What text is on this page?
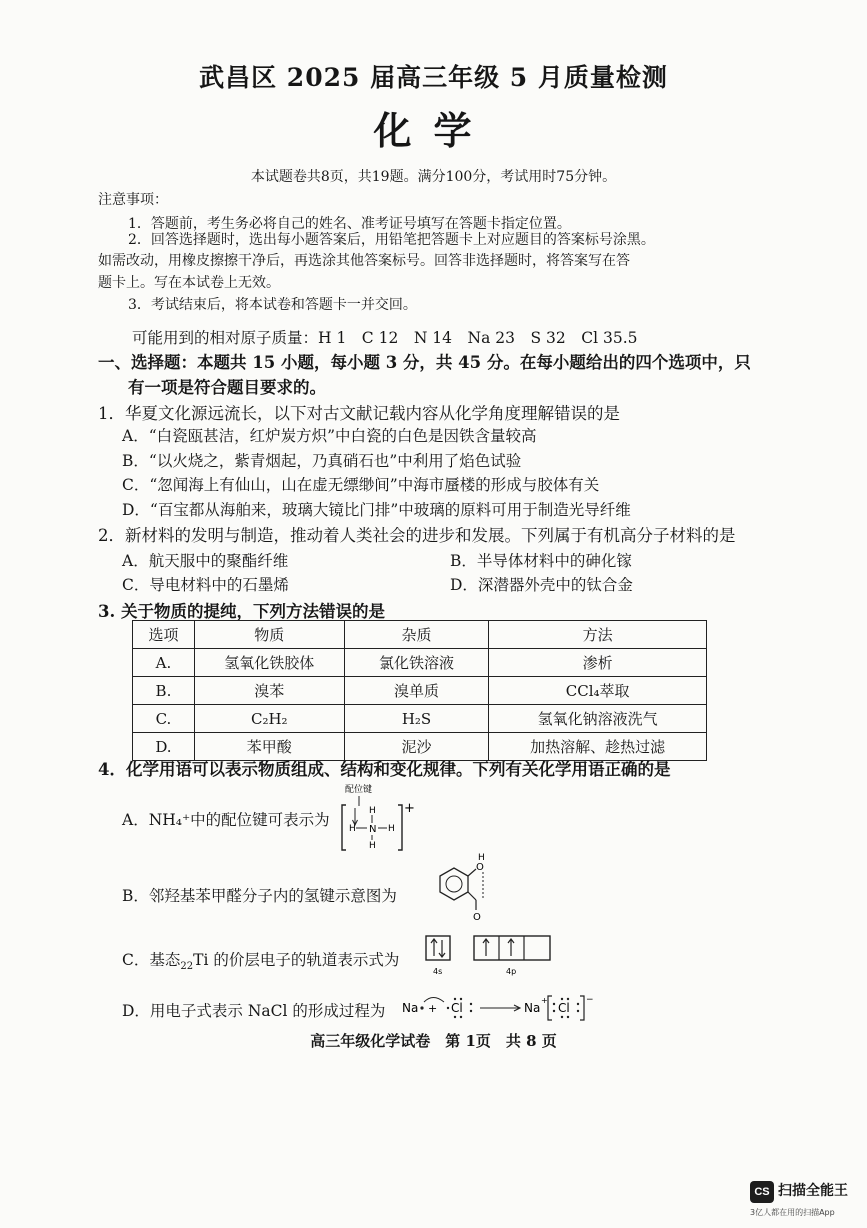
武昌区 2025 届高三年级 5 月质量检测
化学
本试题卷共8页，共19题。满分100分，考试用时75分钟。
注意事项：
1．答题前，考生务必将自己的姓名、准考证号填写在答题卡指定位置。
2．回答选择题时，选出每小题答案后，用铅笔把答题卡上对应题目的答案标号涂黑。
如需改动，用橡皮擦擦干净后，再选涂其他答案标号。回答非选择题时，将答案写在答
题卡上。写在本试卷上无效。
3．考试结束后，将本试卷和答题卡一并交回。
可能用到的相对原子质量：H 1　C 12　N 14　Na 23　S 32　Cl 35.5
一、选择题：本题共 15 小题，每小题 3 分，共 45 分。在每小题给出的四个选项中，只
有一项是符合题目要求的。
1．华夏文化源远流长，以下对古文献记载内容从化学角度理解错误的是
A．“白瓷瓯甚洁，红炉炭方炽”中白瓷的白色是因铁含量较高
B．“以火烧之，紫青烟起，乃真硝石也”中利用了焰色试验
C．“忽闻海上有仙山，山在虚无缥缈间”中海市蜃楼的形成与胶体有关
D．“百宝都从海舶来，玻璃大镜比门排”中玻璃的原料可用于制造光导纤维
2．新材料的发明与制造，推动着人类社会的进步和发展。下列属于有机高分子材料的是
A．航天服中的聚酯纤维	B．半导体材料中的砷化镓
C．导电材料中的石墨烯	D．深潜器外壳中的钛合金
3. 关于物质的提纯，下列方法错误的是
选项	物质	杂质	方法
A.	氢氧化铁胶体	氯化铁溶液	渗析
B.	溴苯	溴单质	CCl₄萃取
C.	C₂H₂	H₂S	氢氧化钠溶液洗气
D.	苯甲酸	泥沙	加热溶解、趁热过滤
4．化学用语可以表示物质组成、结构和变化规律。下列有关化学用语正确的是
A．NH₄⁺中的配位键可表示为
配位键
+
N
H
H
H	H
B．邻羟基苯甲醛分子内的氢键示意图为
O
H
O
C．基态$_{22}$Ti 的价层电子的轨道表示式为
4s	4p
D．用电子式表示 NaCl 的形成过程为 Na + Cl	Na
+
Cl
−
高三年级化学试卷　第 1页　共 8 页
CS 扫描全能王
3亿人都在用的扫描App
